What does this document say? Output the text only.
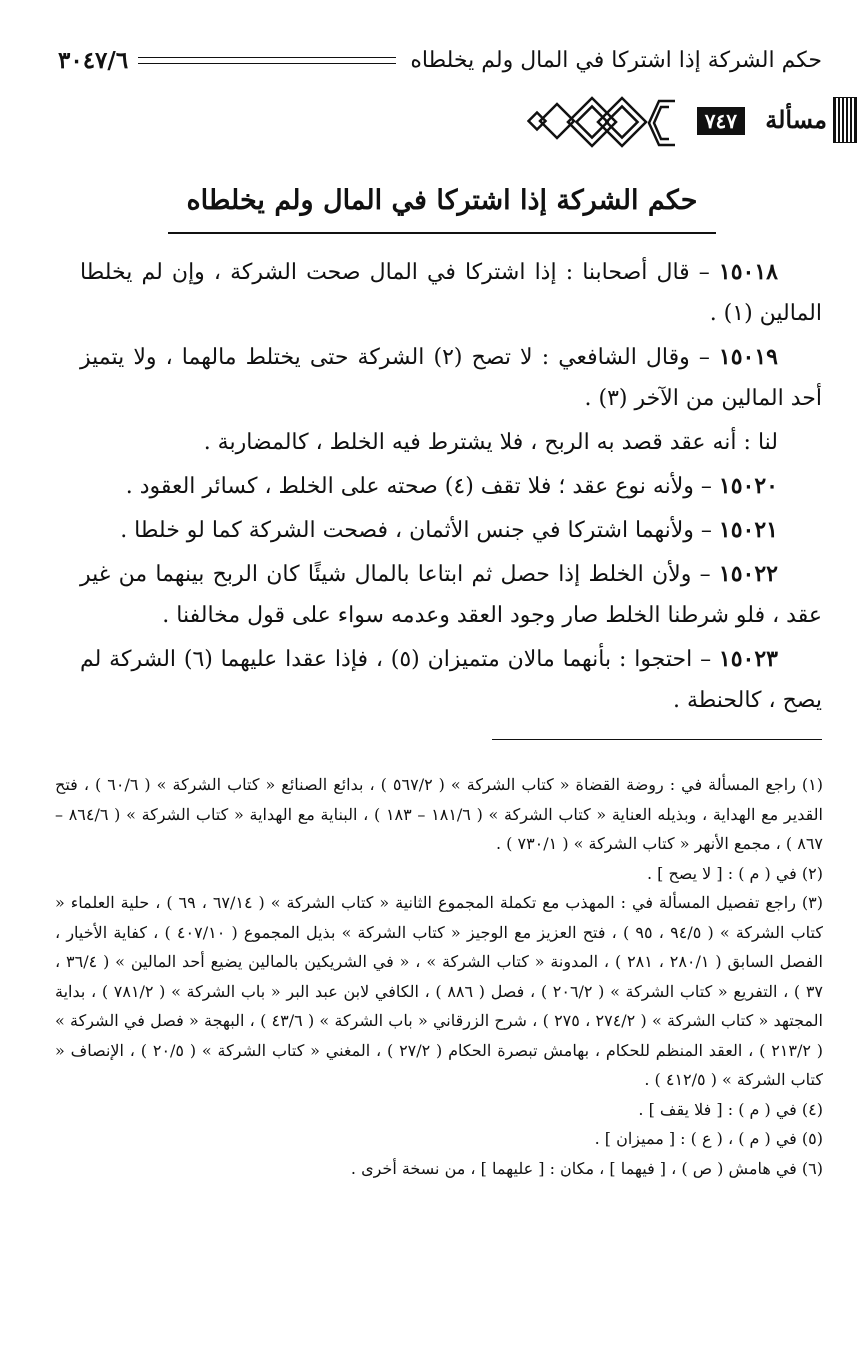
حكم الشركة إذا اشتركا في المال ولم يخلطاه
٣٠٤٧/٦
مسألة
٧٤٧
حكم الشركة إذا اشتركا في المال ولم يخلطاه

١٥٠١٨ – قال أصحابنا : إذا اشتركا في المال صحت الشركة ، وإن لم يخلطا المالين (١) .

١٥٠١٩ – وقال الشافعي : لا تصح (٢) الشركة حتى يختلط مالهما ، ولا يتميز أحد المالين من الآخر (٣) .

لنا : أنه عقد قصد به الربح ، فلا يشترط فيه الخلط ، كالمضاربة .

١٥٠٢٠ – ولأنه نوع عقد ؛ فلا تقف (٤) صحته على الخلط ، كسائر العقود .

١٥٠٢١ – ولأنهما اشتركا في جنس الأثمان ، فصحت الشركة كما لو خلطا .

١٥٠٢٢ – ولأن الخلط إذا حصل ثم ابتاعا بالمال شيئًا كان الربح بينهما من غير عقد ، فلو شرطنا الخلط صار وجود العقد وعدمه سواء على قول مخالفنا .

١٥٠٢٣ – احتجوا : بأنهما مالان متميزان (٥) ، فإذا عقدا عليهما (٦) الشركة لم يصح ، كالحنطة .

(١) راجع المسألة في : روضة القضاة « كتاب الشركة » ( ٥٦٧/٢ ) ، بدائع الصنائع « كتاب الشركة » ( ٦٠/٦ ) ، فتح القدير مع الهداية ، وبذيله العناية « كتاب الشركة » ( ١٨١/٦ – ١٨٣ ) ، البناية مع الهداية « كتاب الشركة » ( ٨٦٤/٦ – ٨٦٧ ) ، مجمع الأنهر « كتاب الشركة » ( ٧٣٠/١ ) .

(٢) في ( م ) : [ لا يصح ] .

(٣) راجع تفصيل المسألة في : المهذب مع تكملة المجموع الثانية « كتاب الشركة » ( ٦٧/١٤ ، ٦٩ ) ، حلية العلماء « كتاب الشركة » ( ٩٤/٥ ، ٩٥ ) ، فتح العزيز مع الوجيز « كتاب الشركة » بذيل المجموع ( ٤٠٧/١٠ ) ، كفاية الأخيار ، الفصل السابق ( ٢٨٠/١ ، ٢٨١ ) ، المدونة « كتاب الشركة » ، « في الشريكين بالمالين يضيع أحد المالين » ( ٣٦/٤ ، ٣٧ ) ، التفريع « كتاب الشركة » ( ٢٠٦/٢ ) ، فصل ( ٨٨٦ ) ، الكافي لابن عبد البر « باب الشركة » ( ٧٨١/٢ ) ، بداية المجتهد « كتاب الشركة » ( ٢٧٤/٢ ، ٢٧٥ ) ، شرح الزرقاني « باب الشركة » ( ٤٣/٦ ) ، البهجة « فصل في الشركة » ( ٢١٣/٢ ) ، العقد المنظم للحكام ، بهامش تبصرة الحكام ( ٢٧/٢ ) ، المغني « كتاب الشركة » ( ٢٠/٥ ) ، الإنصاف « كتاب الشركة » ( ٤١٢/٥ ) .

(٤) في ( م ) : [ فلا يقف ] .

(٥) في ( م ) ، ( ع ) : [ مميزان ] .

(٦) في هامش ( ص ) ، [ فيهما ] ، مكان : [ عليهما ] ، من نسخة أخرى .
